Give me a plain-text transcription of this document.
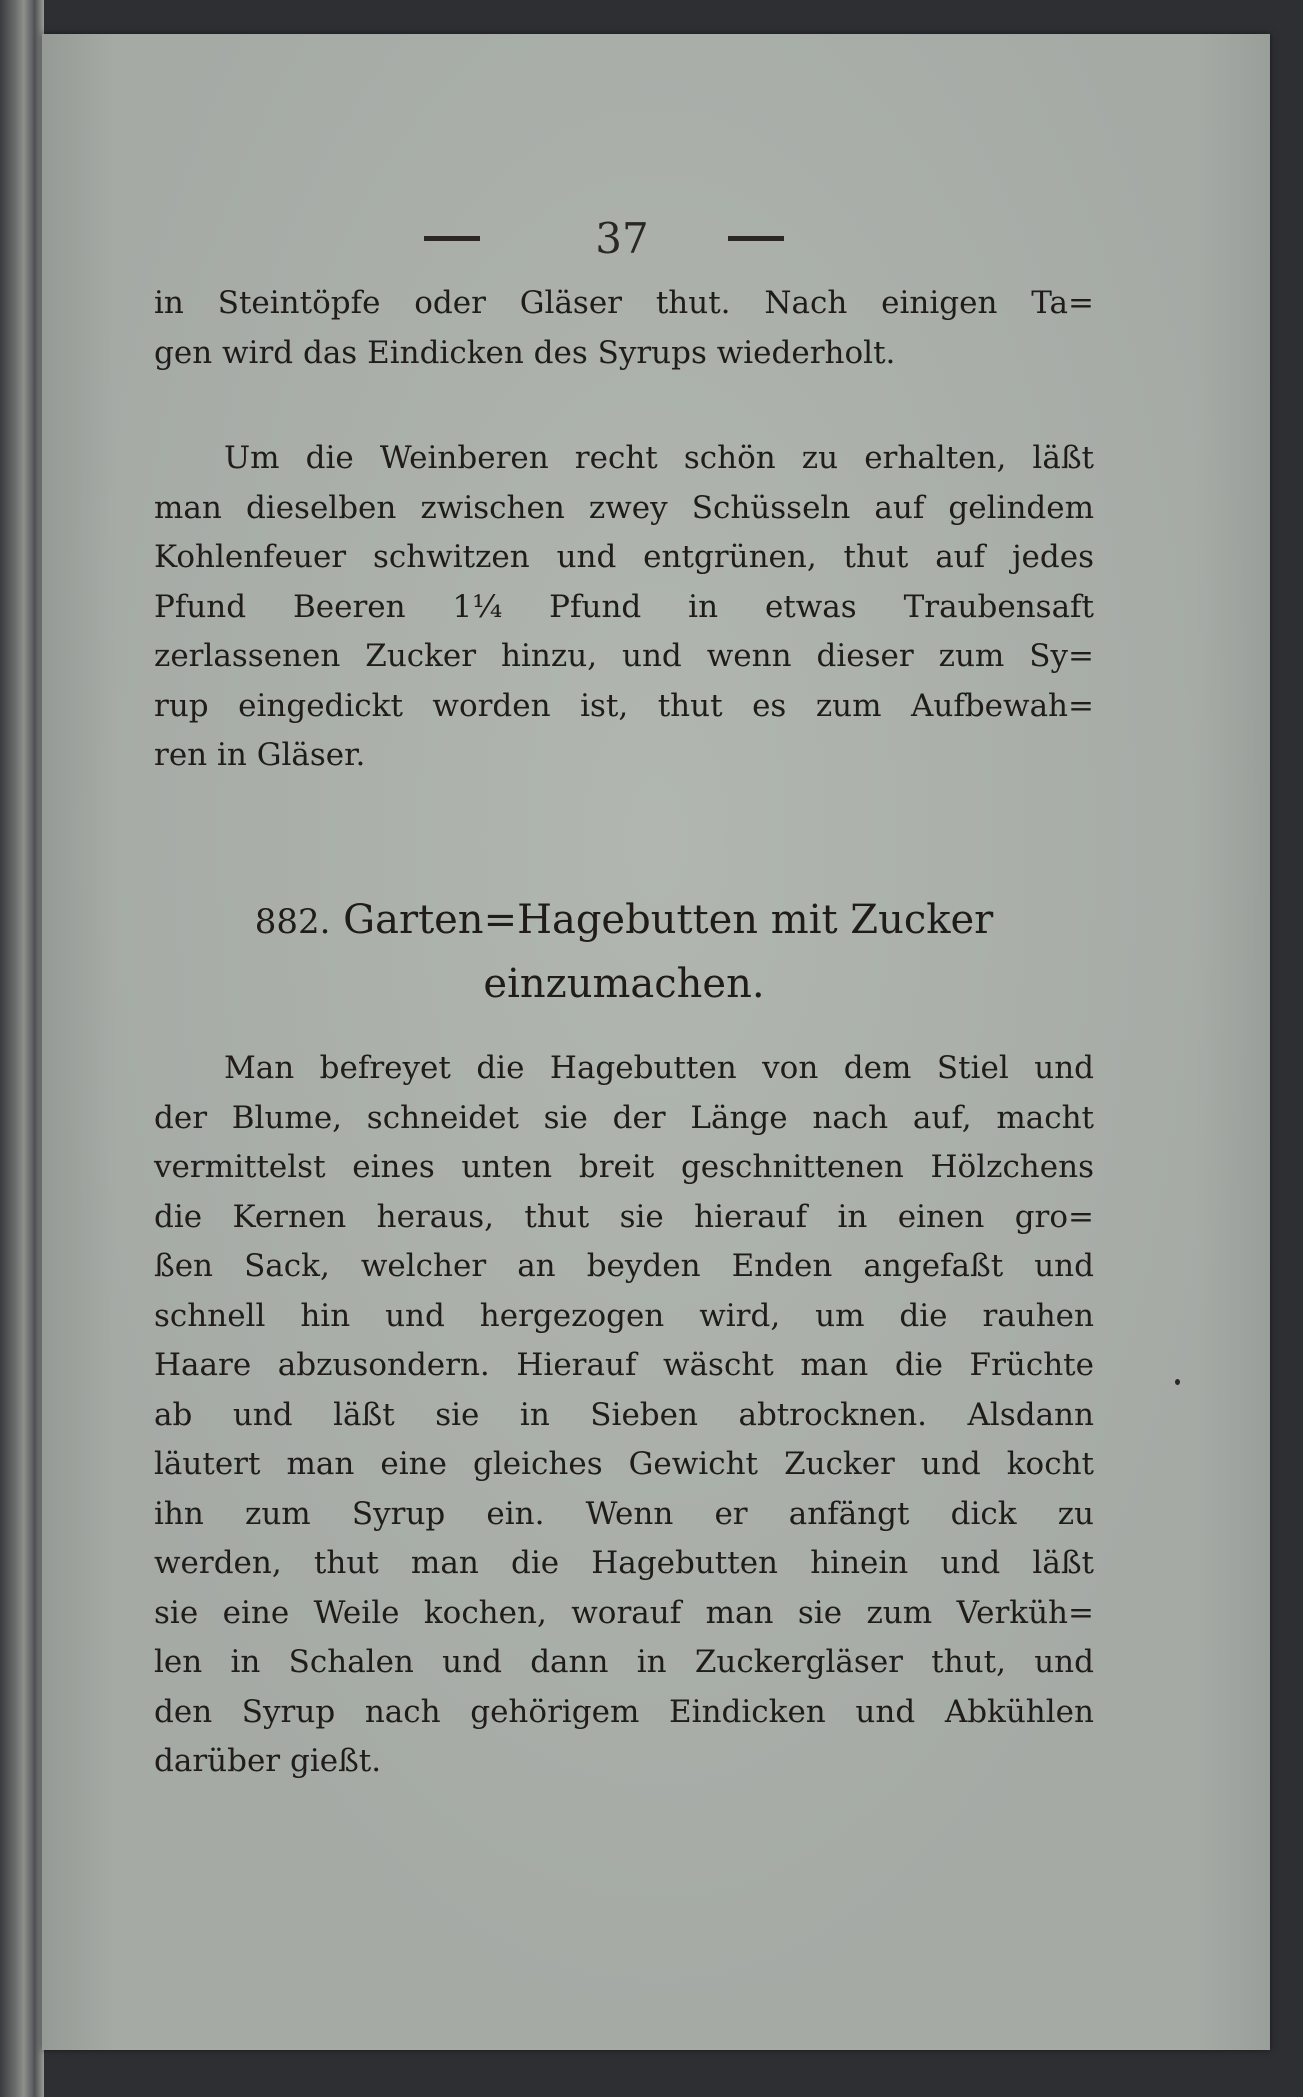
37
in Steintöpfe oder Gläser thut. Nach einigen Ta=
gen wird das Eindicken des Syrups wiederholt.
Um die Weinberen recht schön zu erhalten, läßt
man dieselben zwischen zwey Schüsseln auf gelindem
Kohlenfeuer schwitzen und entgrünen, thut auf jedes
Pfund Beeren 1¼ Pfund in etwas Traubensaft
zerlassenen Zucker hinzu, und wenn dieser zum Sy=
rup eingedickt worden ist, thut es zum Aufbewah=
ren in Gläser.
882. Garten=Hagebutten mit Zucker
einzumachen.
Man befreyet die Hagebutten von dem Stiel und
der Blume, schneidet sie der Länge nach auf, macht
vermittelst eines unten breit geschnittenen Hölzchens
die Kernen heraus, thut sie hierauf in einen gro=
ßen Sack, welcher an beyden Enden angefaßt und
schnell hin und hergezogen wird, um die rauhen
Haare abzusondern. Hierauf wäscht man die Früchte
ab und läßt sie in Sieben abtrocknen. Alsdann
läutert man eine gleiches Gewicht Zucker und kocht
ihn zum Syrup ein. Wenn er anfängt dick zu
werden, thut man die Hagebutten hinein und läßt
sie eine Weile kochen, worauf man sie zum Verküh=
len in Schalen und dann in Zuckergläser thut, und
den Syrup nach gehörigem Eindicken und Abkühlen
darüber gießt.
